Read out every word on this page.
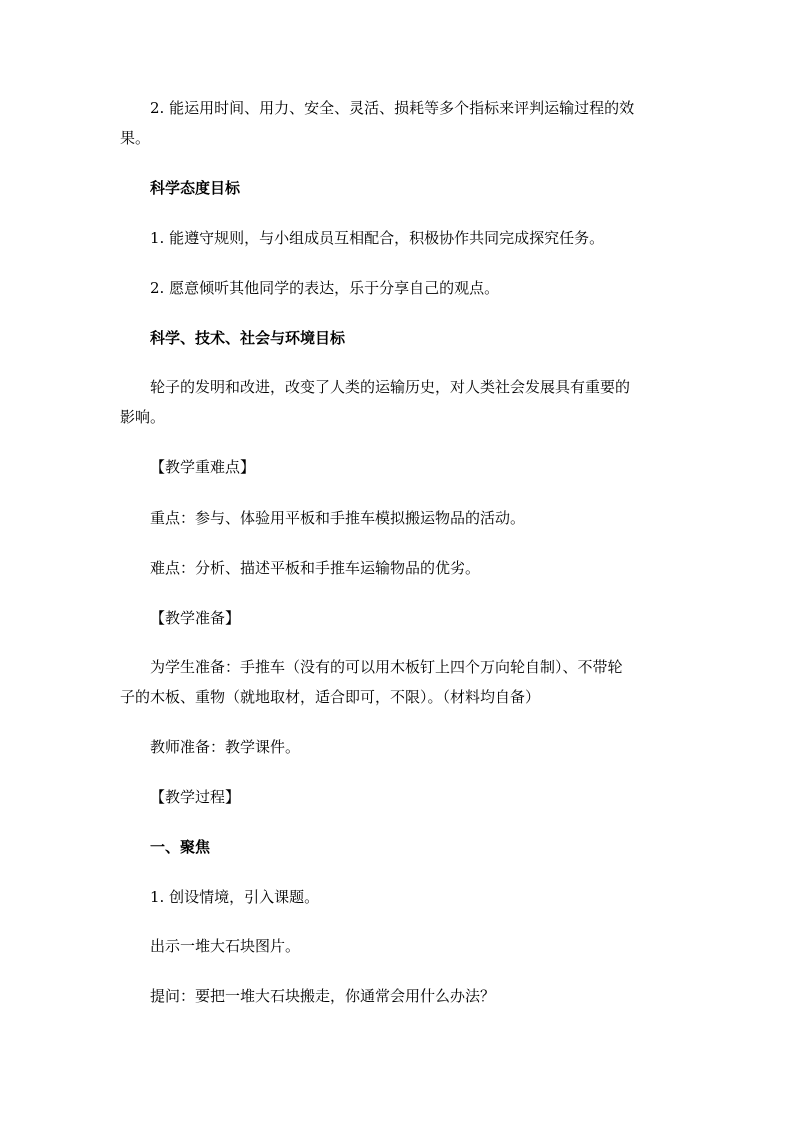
2. 能运用时间、用力、安全、灵活、损耗等多个指标来评判运输过程的效
果。
科学态度目标
1. 能遵守规则，与小组成员互相配合，积极协作共同完成探究任务。
2. 愿意倾听其他同学的表达，乐于分享自己的观点。
科学、技术、社会与环境目标
轮子的发明和改进，改变了人类的运输历史，对人类社会发展具有重要的
影响。
【教学重难点】
重点：参与、体验用平板和手推车模拟搬运物品的活动。
难点：分析、描述平板和手推车运输物品的优劣。
【教学准备】
为学生准备：手推车（没有的可以用木板钉上四个万向轮自制）、不带轮
子的木板、重物（就地取材，适合即可，不限）。（材料均自备）
教师准备：教学课件。
【教学过程】
一、聚焦
1. 创设情境，引入课题。
出示一堆大石块图片。
提问：要把一堆大石块搬走，你通常会用什么办法？
